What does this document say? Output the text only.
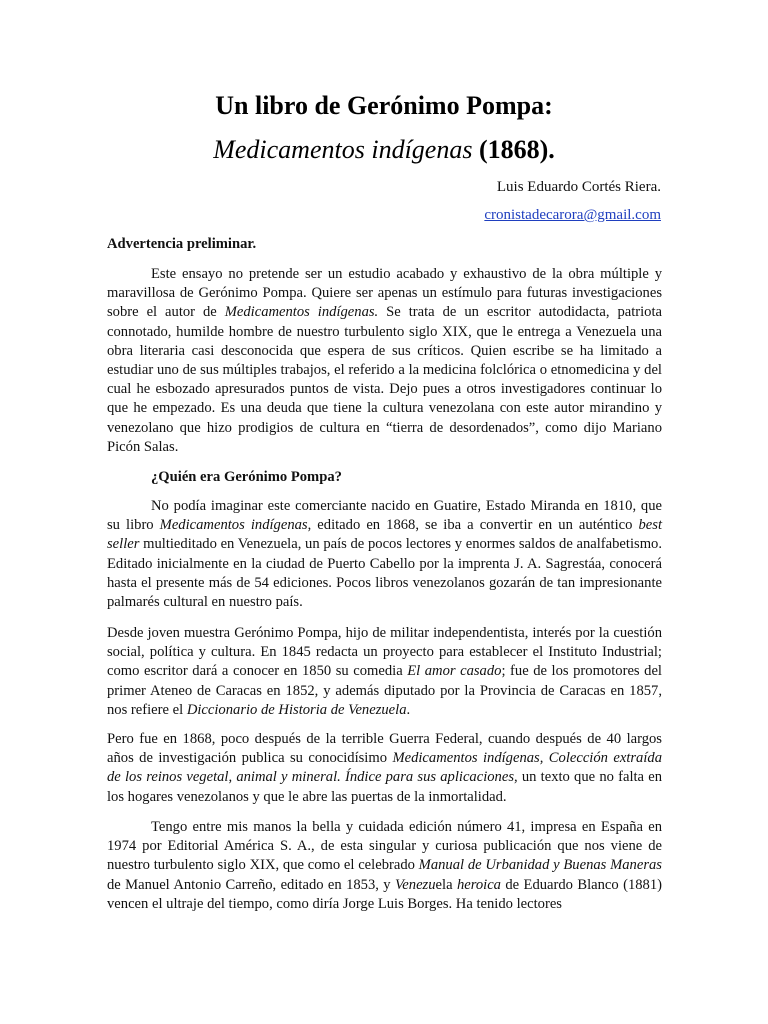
Un libro de Gerónimo Pompa:
Medicamentos indígenas (1868).
Luis Eduardo Cortés Riera.
cronistadecarora@gmail.com

Advertencia preliminar.

Este ensayo no pretende ser un estudio acabado y exhaustivo de la obra múltiple y maravillosa de Gerónimo Pompa. Quiere ser apenas un estímulo para futuras investigaciones sobre el autor de Medicamentos indígenas. Se trata de un escritor autodidacta, patriota connotado, humilde hombre de nuestro turbulento siglo XIX, que le entrega a Venezuela una obra literaria casi desconocida que espera de sus críticos. Quien escribe se ha limitado a estudiar uno de sus múltiples trabajos, el referido a la medicina folclórica o etnomedicina y del cual he esbozado apresurados puntos de vista. Dejo pues a otros investigadores continuar lo que he empezado. Es una deuda que tiene la cultura venezolana con este autor mirandino y venezolano que hizo prodigios de cultura en “tierra de desordenados”, como dijo Mariano Picón Salas.

¿Quién era Gerónimo Pompa?

No podía imaginar este comerciante nacido en Guatire, Estado Miranda en 1810, que su libro Medicamentos indígenas, editado en 1868, se iba a convertir en un auténtico best seller multieditado en Venezuela, un país de pocos lectores y enormes saldos de analfabetismo. Editado inicialmente en la ciudad de Puerto Cabello por la imprenta J. A. Sagrestáa, conocerá hasta el presente más de 54 ediciones. Pocos libros venezolanos gozarán de tan impresionante palmarés cultural en nuestro país.

Desde joven muestra Gerónimo Pompa, hijo de militar independentista, interés por la cuestión social, política y cultura. En 1845 redacta un proyecto para establecer el Instituto Industrial; como escritor dará a conocer en 1850 su comedia El amor casado; fue de los promotores del primer Ateneo de Caracas en 1852, y además diputado por la Provincia de Caracas en 1857, nos refiere el Diccionario de Historia de Venezuela.

Pero fue en 1868, poco después de la terrible Guerra Federal, cuando después de 40 largos años de investigación publica su conocidísimo Medicamentos indígenas, Colección extraída de los reinos vegetal, animal y mineral. Índice para sus aplicaciones, un texto que no falta en los hogares venezolanos y que le abre las puertas de la inmortalidad.

Tengo entre mis manos la bella y cuidada edición número 41, impresa en España en 1974 por Editorial América S. A., de esta singular y curiosa publicación que nos viene de nuestro turbulento siglo XIX, que como el celebrado Manual de Urbanidad y Buenas Maneras de Manuel Antonio Carreño, editado en 1853, y Venezuela heroica de Eduardo Blanco (1881) vencen el ultraje del tiempo, como diría Jorge Luis Borges. Ha tenido lectores
